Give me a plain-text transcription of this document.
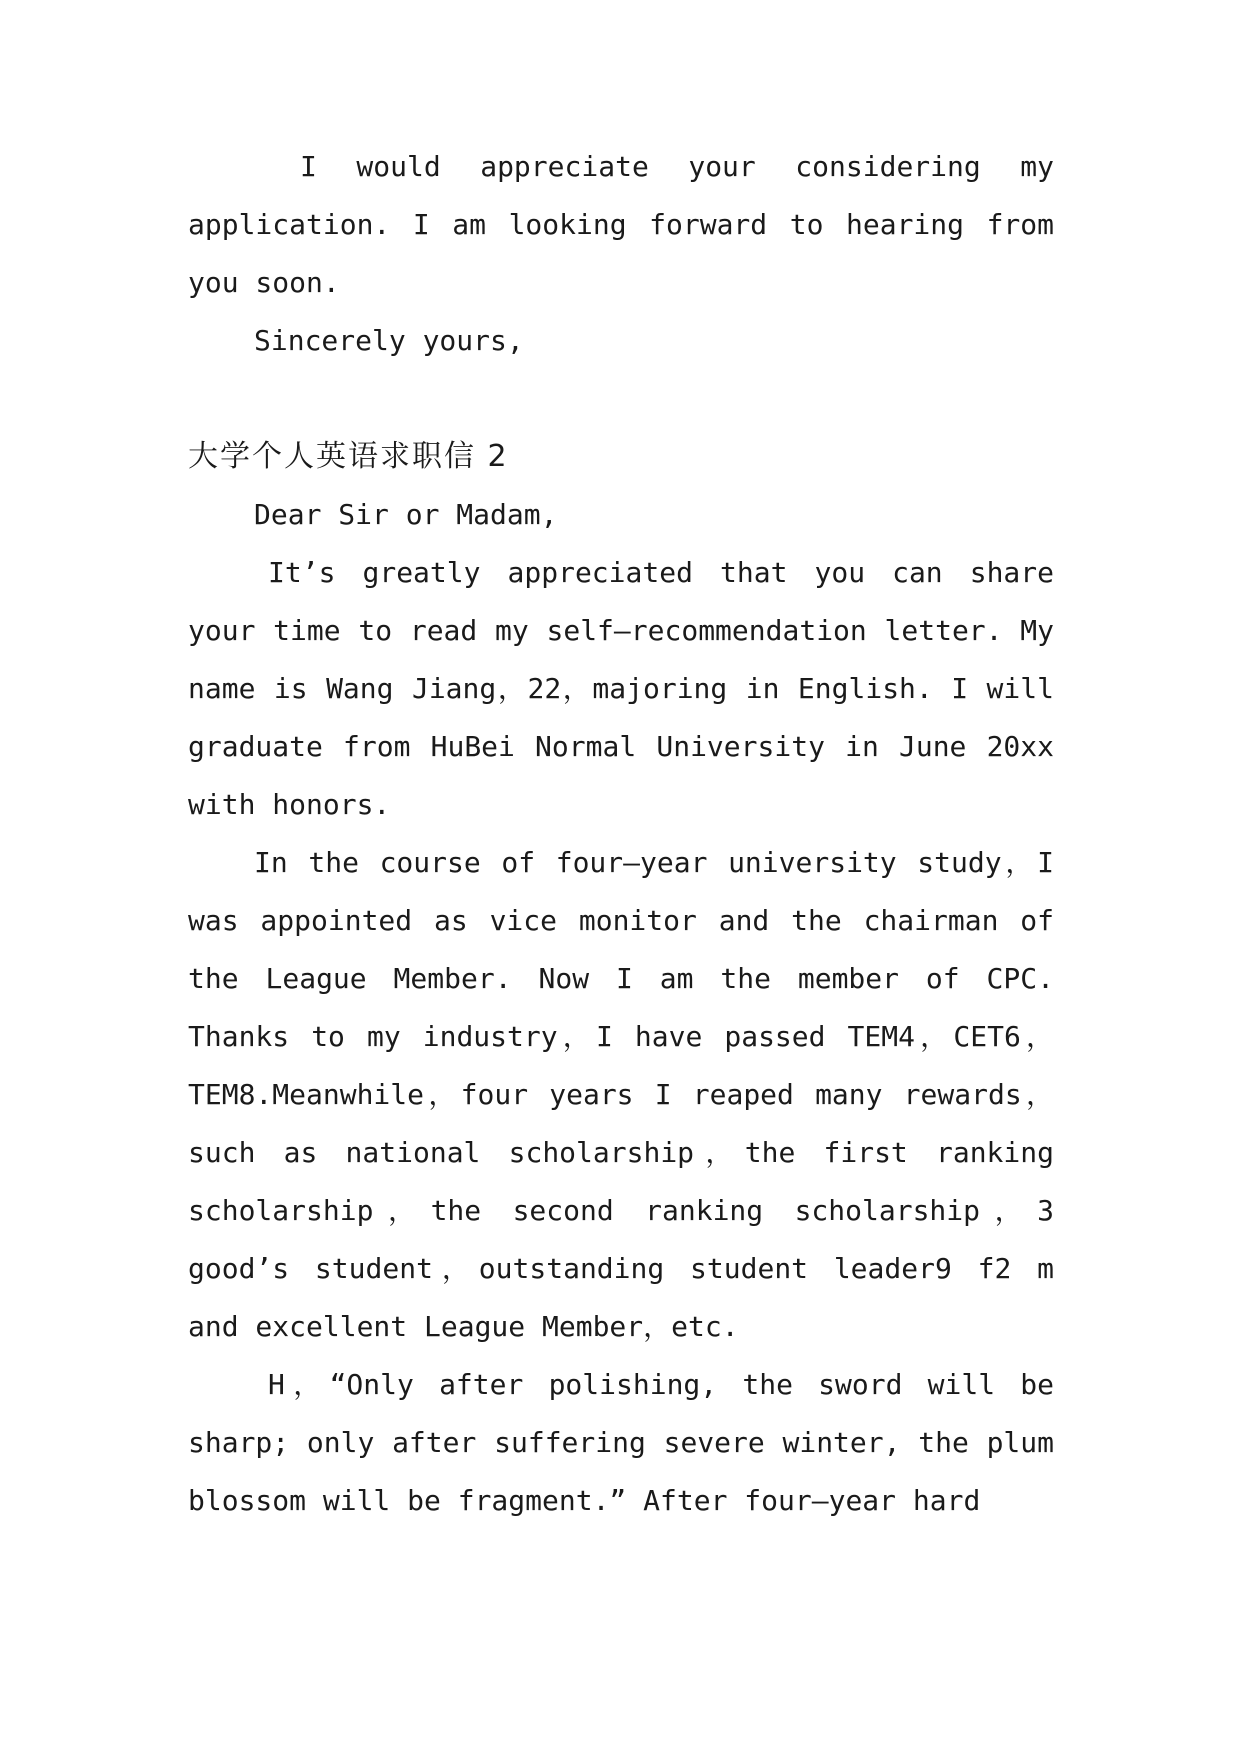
I would appreciate your considering my application. I am looking forward to hearing from you soon.

Sincerely yours,

大学个人英语求职信 2

Dear Sir or Madam,

It’s greatly appreciated that you can share your time to read my self—recommendation letter. My name is Wang Jiang，22，majoring in English. I will graduate from HuBei Normal University in June 20xx with honors.

In the course of four—year university study，I was appointed as vice monitor and the chairman of the League Member. Now I am the member of CPC. Thanks to my industry，I have passed TEM4，CET6，TEM8.Meanwhile，four years I reaped many rewards，such as national scholarship，the first ranking scholarship，the second ranking scholarship，3 good’s student，outstanding student leader9 f2 m and excellent League Member，etc.

H，“Only after polishing, the sword will be sharp; only after suffering severe winter, the plum blossom will be fragment.” After four—year hard
